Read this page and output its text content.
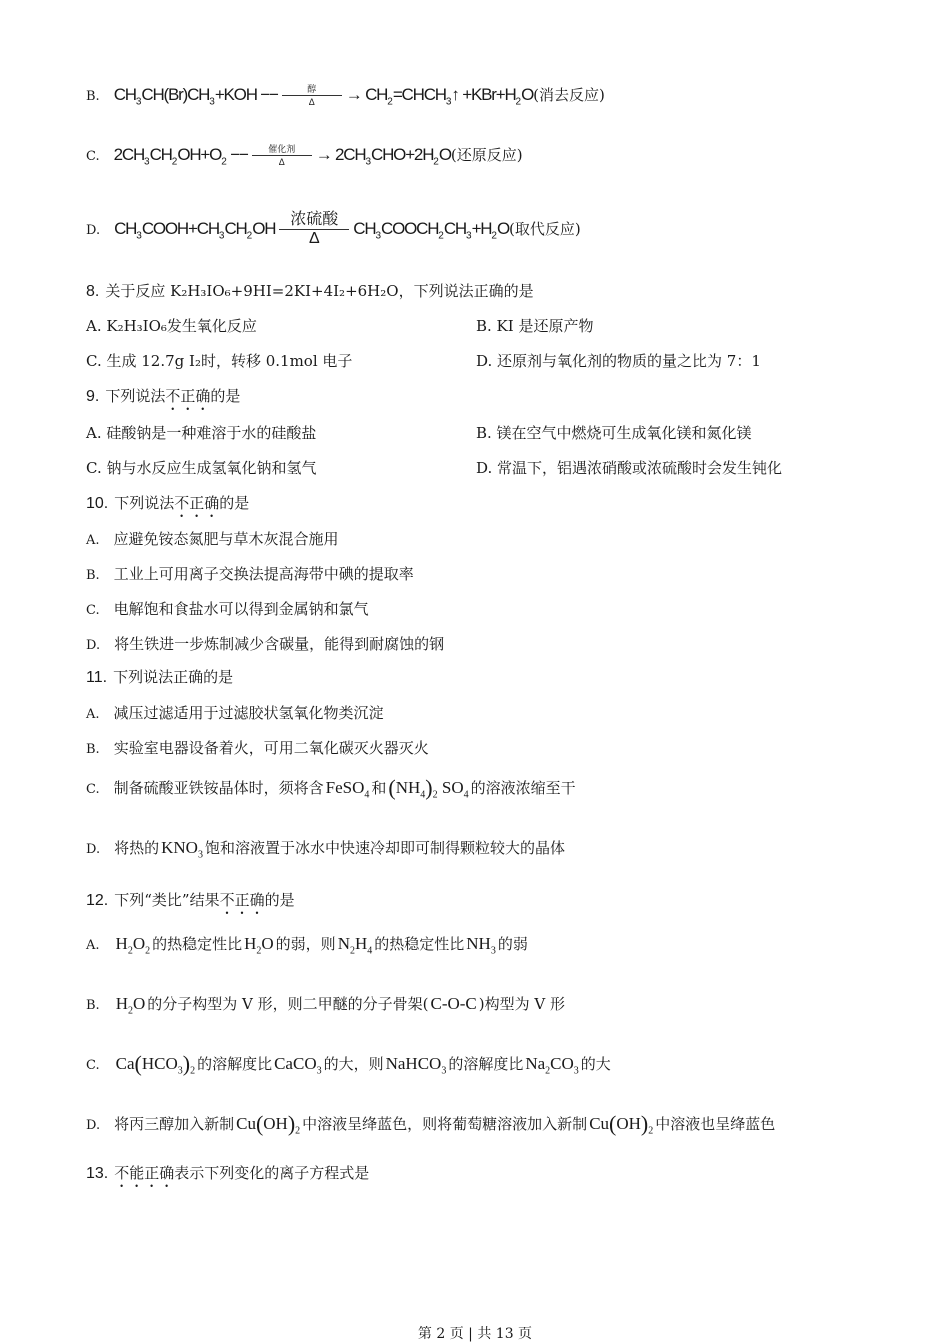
B. $CH_3CH(Br)CH_3+KOH$ −−	醇
$\Delta \to CH_2=CHCH_3↑ +KBr+H_2O$(消去反应)
C. $2CH_3CH_2OH+O_2$ −− 催化剂
$\Delta \to 2CH_3CHO+2H_2O$(还原反应)
D. $CH_3COOH+CH_3CH_2OH$ 浓硫酸
$\Delta CH_3COOCH_2CH_3+H_2O$(取代反应)
8. 关于反应 K₂H₃IO₆+9HI=2KI+4I₂+6H₂O，下列说法正确的是
A. K₂H₃IO₆发生氧化反应	B. KI 是还原产物
C. 生成 12.7g I₂时，转移 0.1mol 电子	D. 还原剂与氧化剂的物质的量之比为 7：1
9. 下列说法不正确的是
A. 硅酸钠是一种难溶于水的硅酸盐	B. 镁在空气中燃烧可生成氧化镁和氮化镁
C. 钠与水反应生成氢氧化钠和氢气	D. 常温下，铝遇浓硝酸或浓硫酸时会发生钝化
10. 下列说法不正确的是
A. 应避免铵态氮肥与草木灰混合施用
B. 工业上可用离子交换法提高海带中碘的提取率
C. 电解饱和食盐水可以得到金属钠和氯气
D. 将生铁进一步炼制减少含碳量，能得到耐腐蚀的钢
11. 下列说法正确的是
A. 减压过滤适用于过滤胶状氢氧化物类沉淀
B. 实验室电器设备着火，可用二氧化碳灭火器灭火
C. 制备硫酸亚铁铵晶体时，须将含 FeSO$_4$ 和$(NH_4)_2$ $SO_4$ 的溶液浓缩至干
D. 将热的 $KNO_3$ 饱和溶液置于冰水中快速冷却即可制得颗粒较大的晶体
12. 下列“类比”结果不正确的是
A. $H_2O_2$ 的热稳定性比 $H_2O$ 的弱，则 $N_2H_4$ 的热稳定性比 $NH_3$ 的弱
B. $H_2O$ 的分子构型为 V 形，则二甲醚的分子骨架( C-O-C )构型为 V 形
C. $Ca(HCO_3)_2$ 的溶解度比 CaCO$_3$ 的大，则 NaHCO$_3$ 的溶解度比 $Na_2CO_3$ 的大
D. 将丙三醇加入新制 $Cu(OH)_2$ 中溶液呈绛蓝色，则将葡萄糖溶液加入新制 $Cu(OH)_2$ 中溶液也呈绛蓝色
13. 不能正确表示下列变化的离子方程式是
第 2 页 | 共 13 页
